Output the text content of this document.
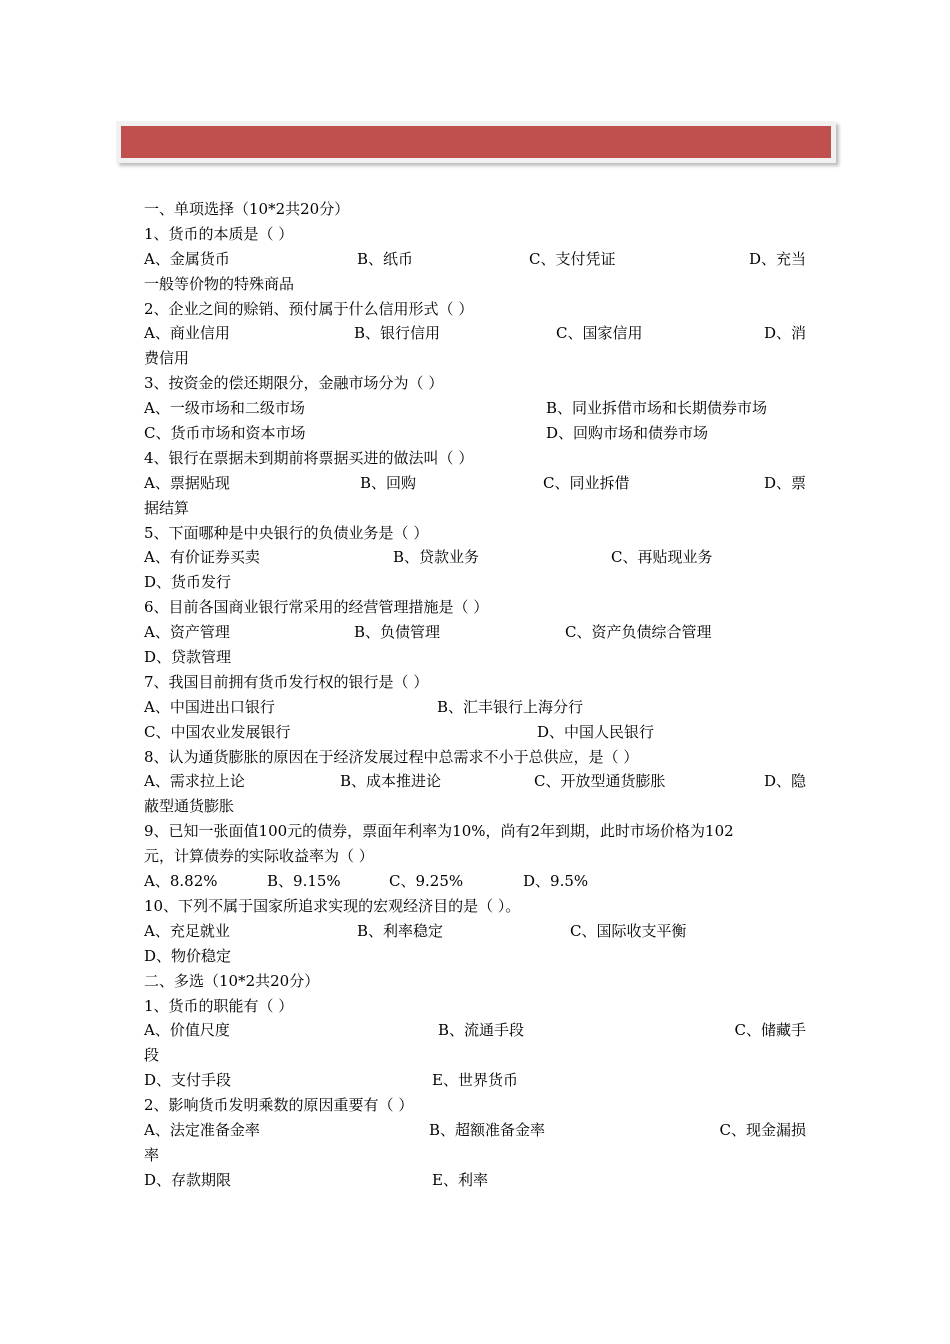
一、单项选择（10*2共20分）
1、货币的本质是（ ）
A、金属货币	B、纸币	C、支付凭证	D、充当
一般等价物的特殊商品
2、企业之间的赊销、预付属于什么信用形式（ ）
A、商业信用	B、银行信用	C、国家信用	D、消
费信用
3、按资金的偿还期限分，金融市场分为（ ）
A、一级市场和二级市场	B、同业拆借市场和长期债券市场
C、货币市场和资本市场	D、回购市场和债券市场
4、银行在票据未到期前将票据买进的做法叫（ ）
A、票据贴现	B、回购	C、同业拆借	D、票
据结算
5、下面哪种是中央银行的负债业务是（ ）
A、有价证券买卖	B、贷款业务	C、再贴现业务
D、货币发行
6、目前各国商业银行常采用的经营管理措施是（ ）
A、资产管理	B、负债管理	C、资产负债综合管理
D、贷款管理
7、我国目前拥有货币发行权的银行是（ ）
A、中国进出口银行	B、汇丰银行上海分行
C、中国农业发展银行	D、中国人民银行
8、认为通货膨胀的原因在于经济发展过程中总需求不小于总供应，是（ ）
A、需求拉上论	B、成本推进论	C、开放型通货膨胀	D、隐
蔽型通货膨胀
9、已知一张面值100元的债券，票面年利率为10%，尚有2年到期，此时市场价格为102
元，计算债券的实际收益率为（ ）
A、8.82%	B、9.15%	C、9.25%	D、9.5%
10、下列不属于国家所追求实现的宏观经济目的是（ ）。
A、充足就业	B、利率稳定	C、国际收支平衡
D、物价稳定
二、多选（10*2共20分）
1、货币的职能有（ ）
A、价值尺度	B、流通手段	C、储藏手
段
D、支付手段	E、世界货币
2、影响货币发明乘数的原因重要有（ ）
A、法定准备金率	B、超额准备金率	C、现金漏损
率
D、存款期限	E、利率
